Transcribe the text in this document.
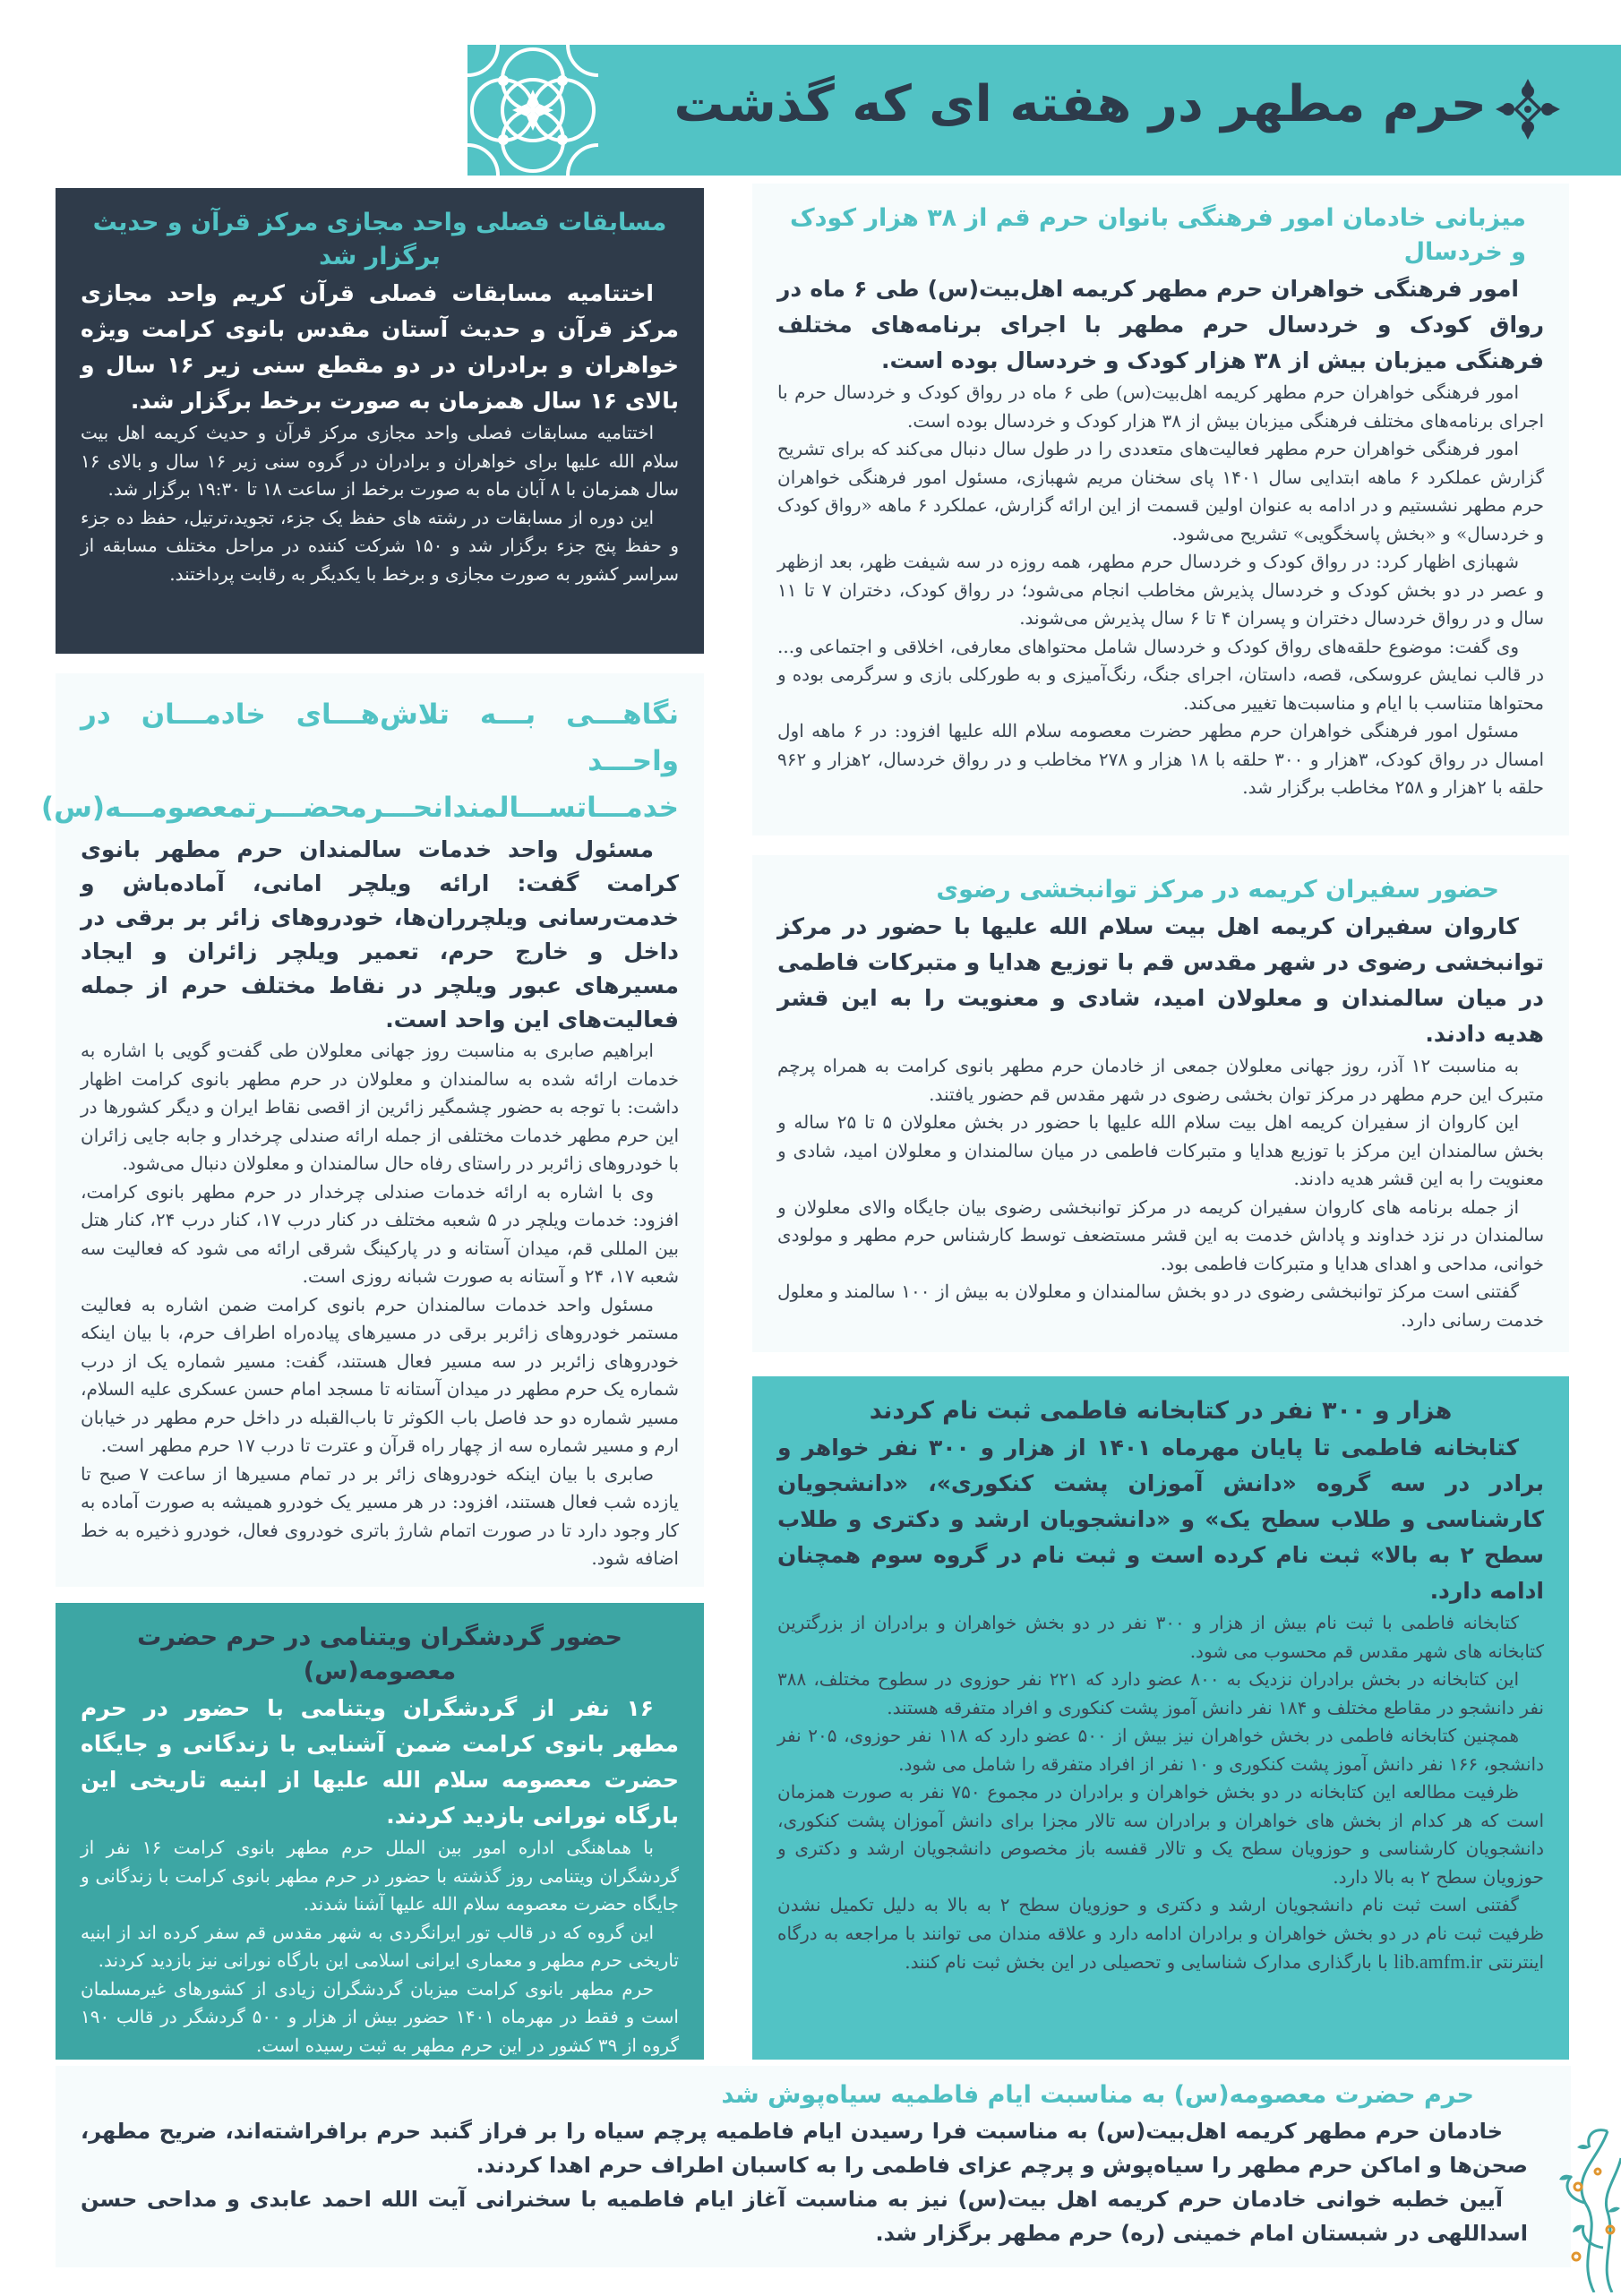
حرم مطهر در هفته ای که گذشت
میزبانی خادمان امور فرهنگی بانوان حرم قم از ۳۸ هزار کودک و خردسال

امور فرهنگی خواهران حرم مطهر کریمه اهل‌بیت(س) طی ۶ ماه در رواق کودک و خردسال حرم مطهر با اجرای برنامه‌های مختلف فرهنگی میزبان بیش از ۳۸ هزار کودک و خردسال بوده است.

امور فرهنگی خواهران حرم مطهر کریمه اهل‌بیت(س) طی ۶ ماه در رواق کودک و خردسال حرم با اجرای برنامه‌های مختلف فرهنگی میزبان بیش از ۳۸ هزار کودک و خردسال بوده است.

امور فرهنگی خواهران حرم مطهر فعالیت‌های متعددی را در طول سال دنبال می‌کند که برای تشریح گزارش عملکرد ۶ ماهه ابتدایی سال ۱۴۰۱ پای سخنان مریم شهبازی، مسئول امور فرهنگی خواهران حرم مطهر نشستیم و در ادامه به عنوان اولین قسمت از این ارائه گزارش، عملکرد ۶ ماهه «رواق کودک و خردسال» و «بخش پاسخگویی» تشریح می‌شود.

شهبازی اظهار کرد: در رواق کودک و خردسال حرم مطهر، همه روزه در سه شیفت ظهر، بعد ازظهر و عصر در دو بخش کودک و خردسال پذیرش مخاطب انجام می‌شود؛ در رواق کودک، دختران ۷ تا ۱۱ سال و در رواق خردسال دختران و پسران ۴ تا ۶ سال پذیرش می‌شوند.

وی گفت: موضوع حلقه‌های رواق کودک و خردسال شامل محتواهای معارفی، اخلاقی و اجتماعی و... در قالب نمایش عروسکی، قصه، داستان، اجرای جنگ، رنگ‌آمیزی و به طورکلی بازی و سرگرمی بوده و محتواها متناسب با ایام و مناسبت‌ها تغییر می‌کند.

مسئول امور فرهنگی خواهران حرم مطهر حضرت معصومه سلام الله علیها افزود: در ۶ ماهه اول امسال در رواق کودک، ۳هزار و ۳۰۰ حلقه با ۱۸ هزار و ۲۷۸ مخاطب و در رواق خردسال، ۲هزار و ۹۶۲ حلقه با ۲هزار و ۲۵۸ مخاطب برگزار شد.

مسابقات فصلی واحد مجازی مرکز قرآن و حدیث برگزار شد

اختتامیه مسابقات فصلی قرآن کریم واحد مجازی مرکز قرآن و حدیث آستان مقدس بانوی کرامت ویژه خواهران و برادران در دو مقطع سنی زیر ۱۶ سال و بالای ۱۶ سال همزمان به صورت برخط برگزار شد.

اختتامیه مسابقات فصلی واحد مجازی مرکز قرآن و حدیث کریمه اهل بیت سلام الله علیها برای خواهران و برادران در گروه سنی زیر ۱۶ سال و بالای ۱۶ سال همزمان با ۸ آبان ماه به صورت برخط از ساعت ۱۸ تا ۱۹:۳۰ برگزار شد.

این دوره از مسابقات در رشته های حفظ یک جزء، تجوید،ترتیل، حفظ ده جزء و حفظ پنج جزء برگزار شد و ۱۵۰ شرکت کننده در مراحل مختلف مسابقه از سراسر کشور به صورت مجازی و برخط با یکدیگر به رقابت پرداختند.

نگاهـــی بـــه تلاش‌هـــای خادمـــان در واحـــد خدمـــاتســـالمندانحـــرمحضـــرتمعصومـــه(س)

مسئول واحد خدمات سالمندان حرم مطهر بانوی کرامت گفت: ارائه ویلچر امانی، آماده‌باش و خدمت‌رسانی ویلچرران‌ها، خودروهای زائر بر برقی در داخل و خارج حرم، تعمیر ویلچر زائران و ایجاد مسیرهای عبور ویلچر در نقاط مختلف حرم از جمله فعالیت‌های این واحد است.

ابراهیم صابری به مناسبت روز جهانی معلولان طی گفت‌و گویی با اشاره به خدمات ارائه شده به سالمندان و معلولان در حرم مطهر بانوی کرامت اظهار داشت: با توجه به حضور چشمگیر زائرین از اقصی نقاط ایران و دیگر کشورها در این حرم مطهر خدمات مختلفی از جمله ارائه صندلی چرخدار و جابه جایی زائران با خودروهای زائربر در راستای رفاه حال سالمندان و معلولان دنبال می‌شود.

وی با اشاره به ارائه خدمات صندلی چرخدار در حرم مطهر بانوی کرامت، افزود: خدمات ویلچر در ۵ شعبه مختلف در کنار درب ۱۷، کنار درب ۲۴، کنار هتل بین المللی قم، میدان آستانه و در پارکینگ شرقی ارائه می شود که فعالیت سه شعبه ۱۷، ۲۴ و آستانه به صورت شبانه روزی است.

مسئول واحد خدمات سالمندان حرم بانوی کرامت ضمن اشاره به فعالیت مستمر خودروهای زائربر برقی در مسیرهای پیاده‌راه اطراف حرم، با بیان اینکه خودروهای زائربر در سه مسیر فعال هستند، گفت: مسیر شماره یک از درب شماره یک حرم مطهر در میدان آستانه تا مسجد امام حسن عسکری علیه السلام، مسیر شماره دو حد فاصل باب الکوثر تا باب‌القبله در داخل حرم مطهر در خیابان ارم و مسیر شماره سه از چهار راه قرآن و عترت تا درب ۱۷ حرم مطهر است.

صابری با بیان اینکه خودروهای زائر بر در تمام مسیرها از ساعت ۷ صبح تا یازده شب فعال هستند، افزود: در هر مسیر یک خودرو همیشه به صورت آماده به کار وجود دارد تا در صورت اتمام شارژ باتری خودروی فعال، خودرو ذخیره به خط اضافه شود.

حضور گردشگران ویتنامی در حرم حضرت معصومه(س)

۱۶ نفر از گردشگران ویتنامی با حضور در حرم مطهر بانوی کرامت ضمن آشنایی با زندگانی و جایگاه حضرت معصومه سلام الله علیها از ابنیه تاریخی این بارگاه نورانی بازدید کردند.

با هماهنگی اداره امور بین الملل حرم مطهر بانوی کرامت ۱۶ نفر از گردشگران ویتنامی روز گذشته با حضور در حرم مطهر بانوی کرامت با زندگانی و جایگاه حضرت معصومه سلام الله علیها آشنا شدند.

این گروه که در قالب تور ایرانگردی به شهر مقدس قم سفر کرده اند از ابنیه تاریخی حرم مطهر و معماری ایرانی اسلامی این بارگاه نورانی نیز بازدید کردند.

حرم مطهر بانوی کرامت میزبان گردشگران زیادی از کشورهای غیرمسلمان است و فقط در مهرماه ۱۴۰۱ حضور بیش از هزار و ۵۰۰ گردشگر در قالب ۱۹۰ گروه از ۳۹ کشور در این حرم مطهر به ثبت رسیده است.

حضور سفیران کریمه در مرکز توانبخشی رضوی

کاروان سفیران کریمه اهل بیت سلام الله علیها با حضور در مرکز توانبخشی رضوی در شهر مقدس قم با توزیع هدایا و متبرکات فاطمی در میان سالمندان و معلولان امید، شادی و معنویت را به این قشر هدیه دادند.

به مناسبت ۱۲ آذر، روز جهانی معلولان جمعی از خادمان حرم مطهر بانوی کرامت به همراه پرچم متبرک این حرم مطهر در مرکز توان بخشی رضوی در شهر مقدس قم حضور یافتند.

این کاروان از سفیران کریمه اهل بیت سلام الله علیها با حضور در بخش معلولان ۵ تا ۲۵ ساله و بخش سالمندان این مرکز با توزیع هدایا و متبرکات فاطمی در میان سالمندان و معلولان امید، شادی و معنویت را به این قشر هدیه دادند.

از جمله برنامه های کاروان سفیران کریمه در مرکز توانبخشی رضوی بیان جایگاه والای معلولان و سالمندان در نزد خداوند و پاداش خدمت به این قشر مستضعف توسط کارشناس حرم مطهر و مولودی خوانی، مداحی و اهدای هدایا و متبرکات فاطمی بود.

گفتنی است مرکز توانبخشی رضوی در دو بخش سالمندان و معلولان به بیش از ۱۰۰ سالمند و معلول خدمت رسانی دارد.

هزار و ۳۰۰ نفر در کتابخانه فاطمی ثبت نام کردند

کتابخانه فاطمی تا پایان مهرماه ۱۴۰۱ از هزار و ۳۰۰ نفر خواهر و برادر در سه گروه «دانش آموزان پشت کنکوری»، «دانشجویان کارشناسی و طلاب سطح یک» و «دانشجویان ارشد و دکتری و طلاب سطح ۲ به بالا» ثبت نام کرده است و ثبت نام در گروه سوم همچنان ادامه دارد.

کتابخانه فاطمی با ثبت نام بیش از هزار و ۳۰۰ نفر در دو بخش خواهران و برادران از بزرگترین کتابخانه های شهر مقدس قم محسوب می شود.

این کتابخانه در بخش برادران نزدیک به ۸۰۰ عضو دارد که ۲۲۱ نفر حوزوی در سطوح مختلف، ۳۸۸ نفر دانشجو در مقاطع مختلف و ۱۸۴ نفر دانش آموز پشت کنکوری و افراد متفرقه هستند.

همچنین کتابخانه فاطمی در بخش خواهران نیز بیش از ۵۰۰ عضو دارد که ۱۱۸ نفر حوزوی، ۲۰۵ نفر دانشجو، ۱۶۶ نفر دانش آموز پشت کنکوری و ۱۰ نفر از افراد متفرقه را شامل می شود.

ظرفیت مطالعه این کتابخانه در دو بخش خواهران و برادران در مجموع ۷۵۰ نفر به صورت همزمان است که هر کدام از بخش های خواهران و برادران سه تالار مجزا برای دانش آموزان پشت کنکوری، دانشجویان کارشناسی و حوزویان سطح یک و تالار قفسه باز مخصوص دانشجویان ارشد و دکتری و حوزویان سطح ۲ به بالا دارد.

گفتنی است ثبت نام دانشجویان ارشد و دکتری و حوزویان سطح ۲ به بالا به دلیل تکمیل نشدن ظرفیت ثبت نام در دو بخش خواهران و برادران ادامه دارد و علاقه مندان می توانند با مراجعه به درگاه اینترنتی lib.amfm.ir با بارگذاری مدارک شناسایی و تحصیلی در این بخش ثبت نام کنند.

حرم حضرت معصومه(س) به مناسبت ایام فاطمیه سیاه‌پوش شد

خادمان حرم مطهر کریمه اهل‌بیت(س) به مناسبت فرا رسیدن ایام فاطمیه پرچم سیاه را بر فراز گنبد حرم برافراشته‌اند، ضریح مطهر، صحن‌ها و اماکن حرم مطهر را سیاه‌پوش و پرچم عزای فاطمی را به کاسبان اطراف حرم اهدا کردند.

آیین خطبه خوانی خادمان حرم کریمه اهل بیت(س) نیز به مناسبت آغاز ایام فاطمیه با سخنرانی آیت الله احمد عابدی و مداحی حسن اسداللهی در شبستان امام خمینی (ره) حرم مطهر برگزار شد.
